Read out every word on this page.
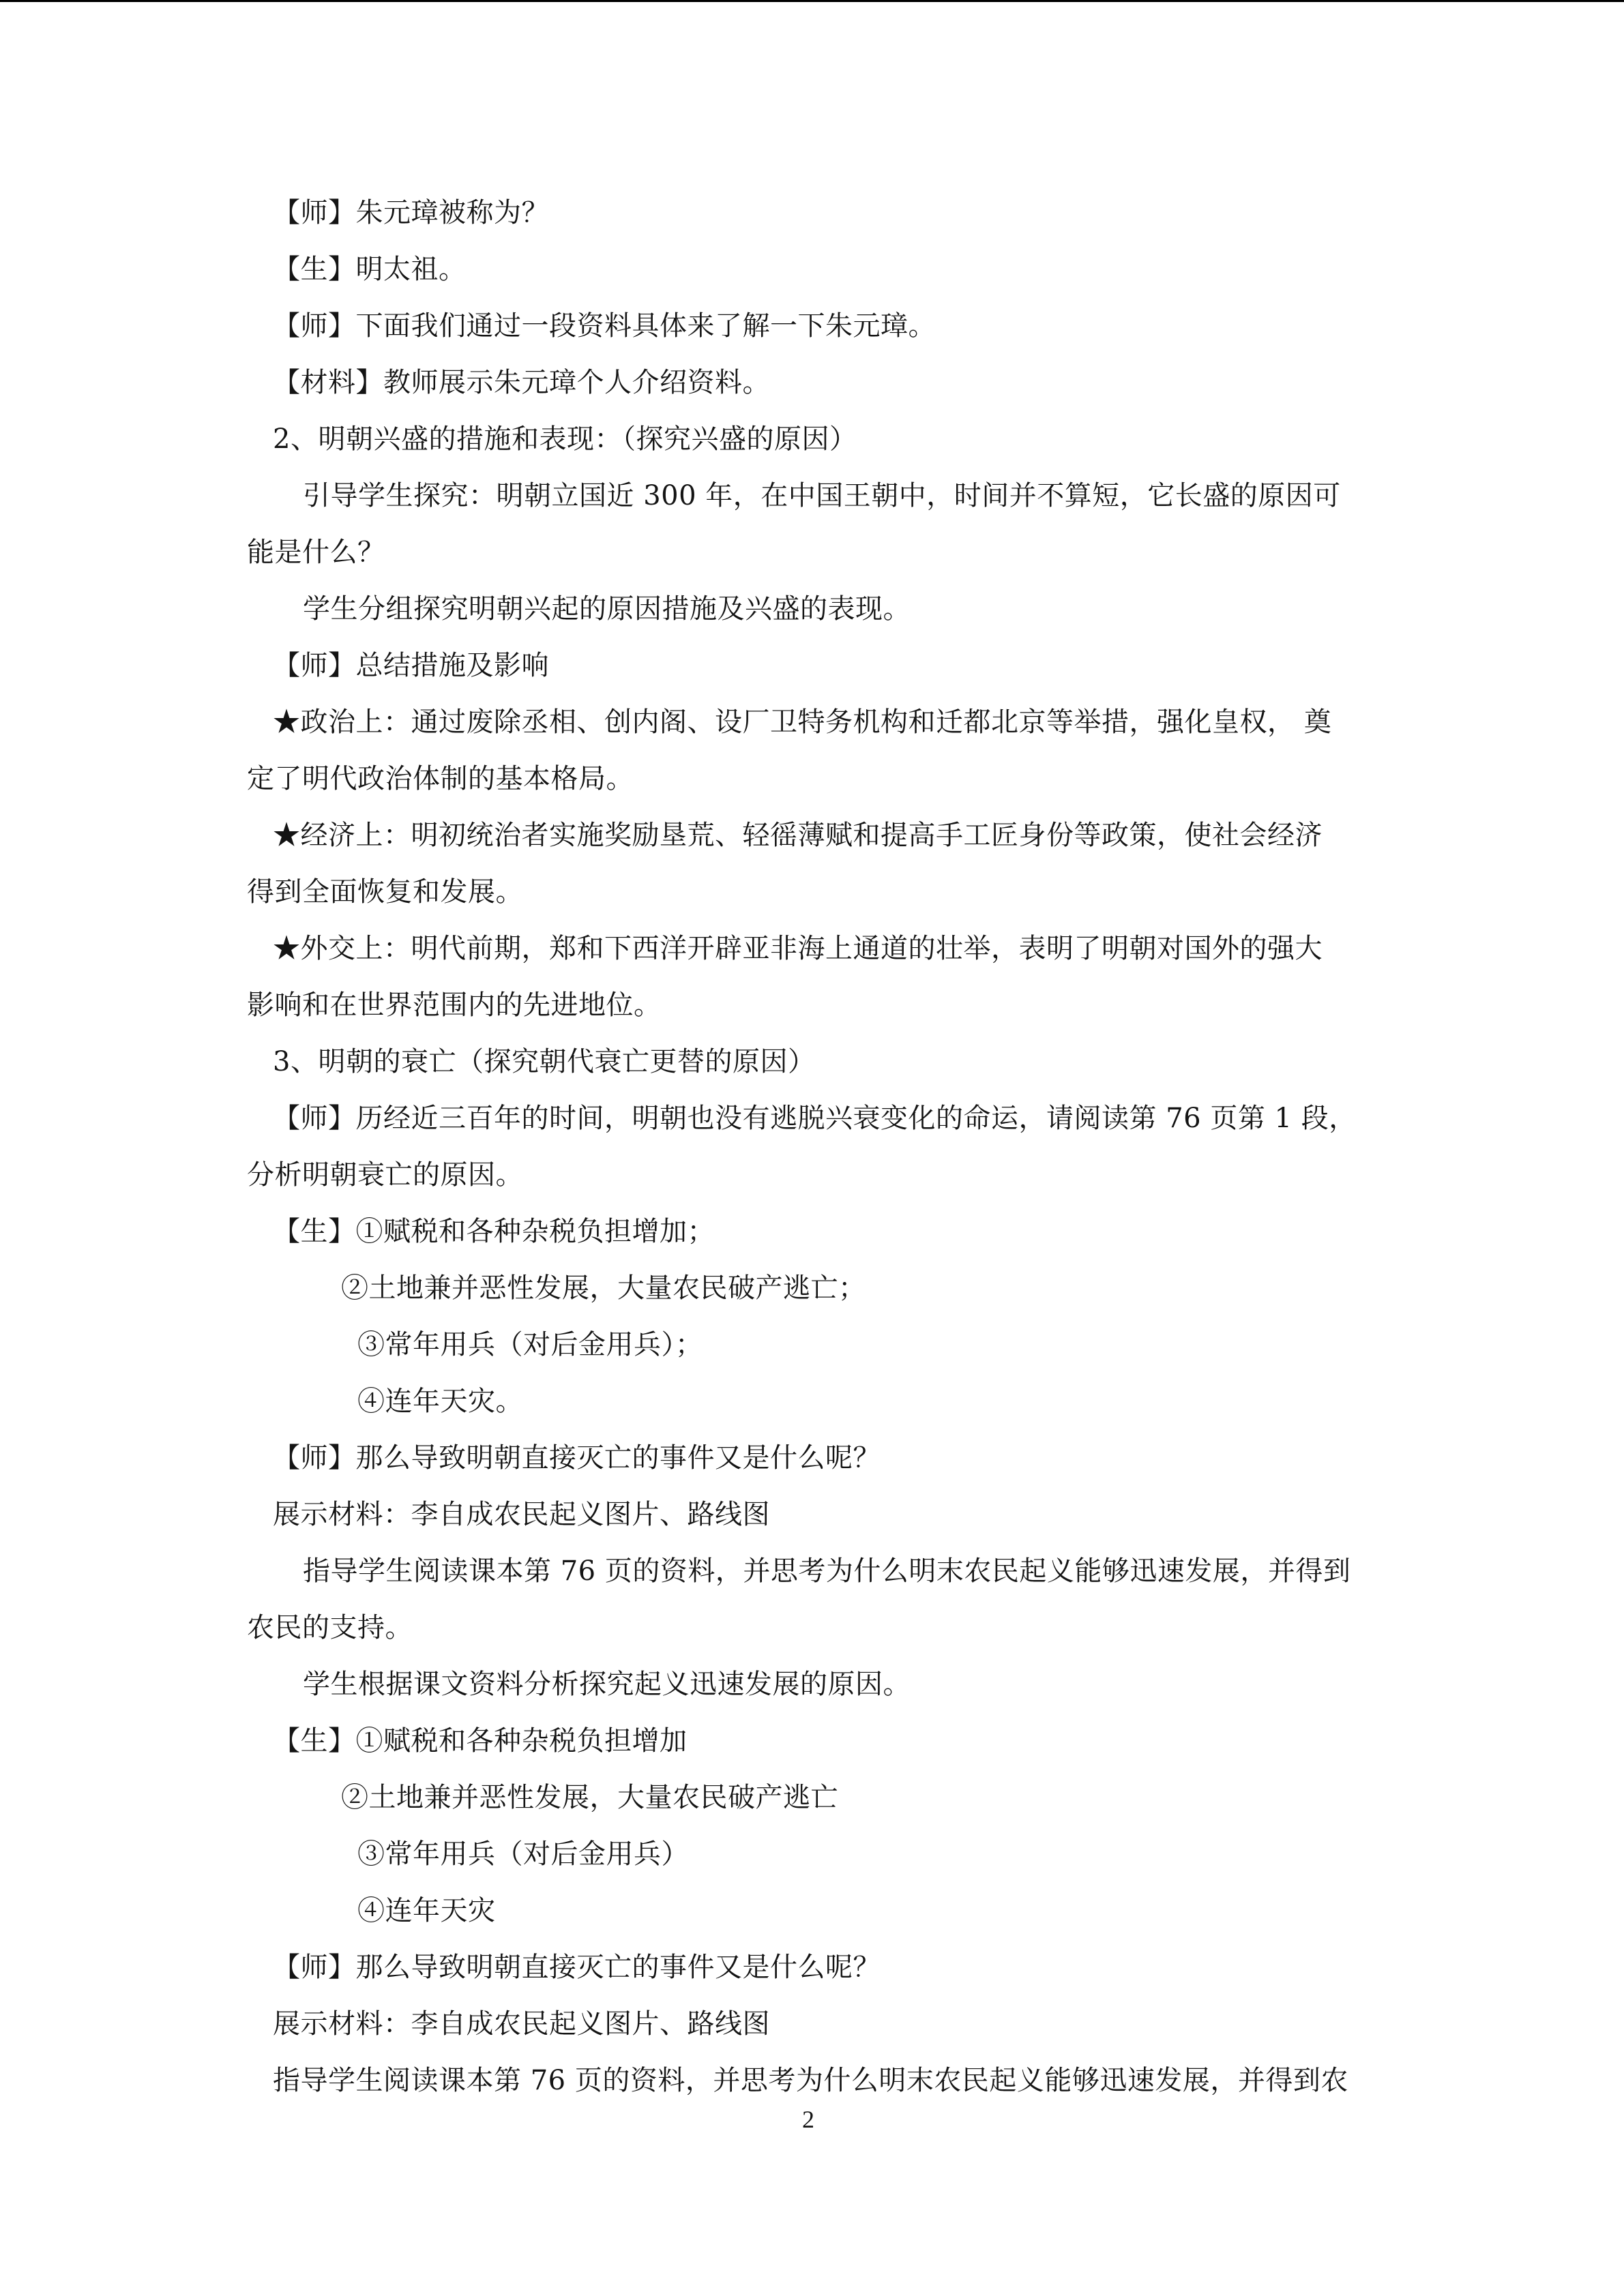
【师】朱元璋被称为？
【生】明太祖。
【师】下面我们通过一段资料具体来了解一下朱元璋。
【材料】教师展示朱元璋个人介绍资料。
2、明朝兴盛的措施和表现：（探究兴盛的原因）
引导学生探究：明朝立国近 300 年，在中国王朝中，时间并不算短，它长盛的原因可
能是什么？
学生分组探究明朝兴起的原因措施及兴盛的表现。
【师】总结措施及影响
★政治上：通过废除丞相、创内阁、设厂卫特务机构和迁都北京等举措，强化皇权， 奠
定了明代政治体制的基本格局。
★经济上：明初统治者实施奖励垦荒、轻徭薄赋和提高手工匠身份等政策，使社会经济
得到全面恢复和发展。
★外交上：明代前期，郑和下西洋开辟亚非海上通道的壮举，表明了明朝对国外的强大
影响和在世界范围内的先进地位。
3、明朝的衰亡（探究朝代衰亡更替的原因）
【师】历经近三百年的时间，明朝也没有逃脱兴衰变化的命运，请阅读第 76 页第 1 段，
分析明朝衰亡的原因。
【生】①赋税和各种杂税负担增加；
②土地兼并恶性发展，大量农民破产逃亡；
③常年用兵（对后金用兵）；
④连年天灾。
【师】那么导致明朝直接灭亡的事件又是什么呢？
展示材料：李自成农民起义图片、路线图
指导学生阅读课本第 76 页的资料，并思考为什么明末农民起义能够迅速发展，并得到
农民的支持。
学生根据课文资料分析探究起义迅速发展的原因。
【生】①赋税和各种杂税负担增加
②土地兼并恶性发展，大量农民破产逃亡
③常年用兵（对后金用兵）
④连年天灾
【师】那么导致明朝直接灭亡的事件又是什么呢？
展示材料：李自成农民起义图片、路线图
指导学生阅读课本第 76 页的资料，并思考为什么明末农民起义能够迅速发展，并得到农
2
